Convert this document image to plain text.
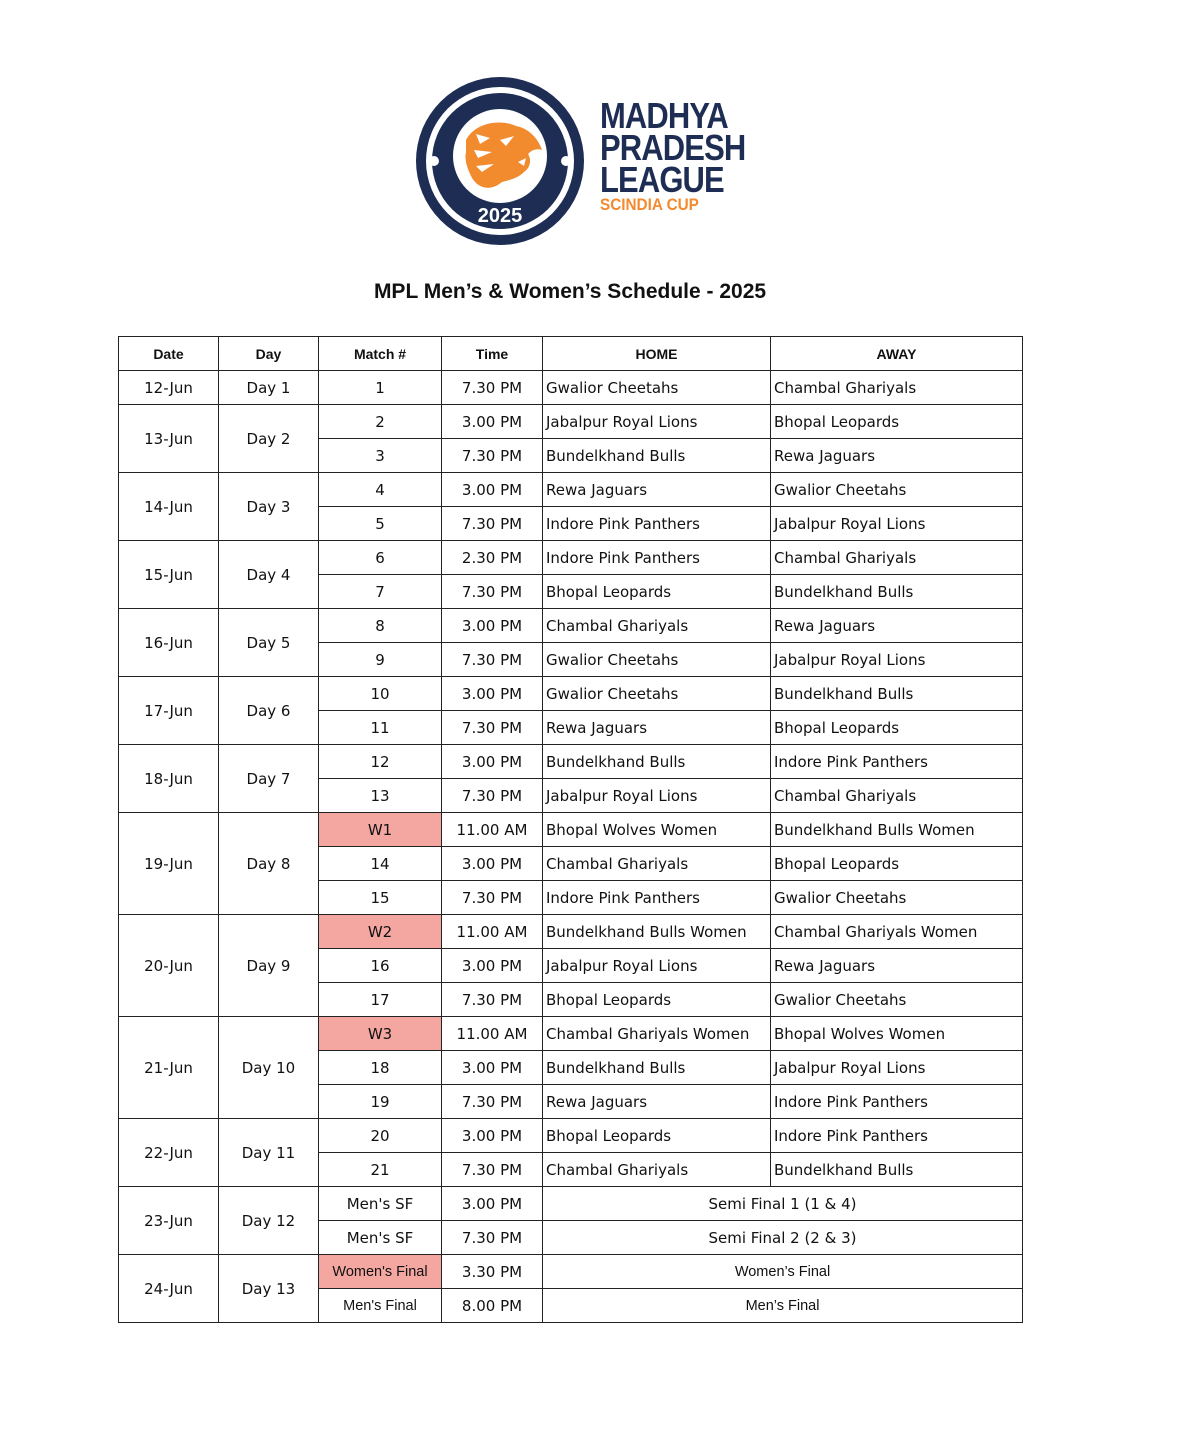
2025
MADHYA
PRADESH
LEAGUE
SCINDIA CUP
MPL Men’s & Women’s Schedule - 2025
Date	Day	Match #	Time	HOME	AWAY
12-Jun	Day 1	1	7.30 PM	Gwalior Cheetahs	Chambal Ghariyals
13-Jun	Day 2	2	3.00 PM	Jabalpur Royal Lions	Bhopal Leopards
		3	7.30 PM	Bundelkhand Bulls	Rewa Jaguars
14-Jun	Day 3	4	3.00 PM	Rewa Jaguars	Gwalior Cheetahs
		5	7.30 PM	Indore Pink Panthers	Jabalpur Royal Lions
15-Jun	Day 4	6	2.30 PM	Indore Pink Panthers	Chambal Ghariyals
		7	7.30 PM	Bhopal Leopards	Bundelkhand Bulls
16-Jun	Day 5	8	3.00 PM	Chambal Ghariyals	Rewa Jaguars
		9	7.30 PM	Gwalior Cheetahs	Jabalpur Royal Lions
17-Jun	Day 6	10	3.00 PM	Gwalior Cheetahs	Bundelkhand Bulls
		11	7.30 PM	Rewa Jaguars	Bhopal Leopards
18-Jun	Day 7	12	3.00 PM	Bundelkhand Bulls	Indore Pink Panthers
		13	7.30 PM	Jabalpur Royal Lions	Chambal Ghariyals
19-Jun	Day 8	W1	11.00 AM	Bhopal Wolves Women	Bundelkhand Bulls Women
		14	3.00 PM	Chambal Ghariyals	Bhopal Leopards
		15	7.30 PM	Indore Pink Panthers	Gwalior Cheetahs
20-Jun	Day 9	W2	11.00 AM	Bundelkhand Bulls Women	Chambal Ghariyals Women
		16	3.00 PM	Jabalpur Royal Lions	Rewa Jaguars
		17	7.30 PM	Bhopal Leopards	Gwalior Cheetahs
21-Jun	Day 10	W3	11.00 AM	Chambal Ghariyals Women	Bhopal Wolves Women
		18	3.00 PM	Bundelkhand Bulls	Jabalpur Royal Lions
		19	7.30 PM	Rewa Jaguars	Indore Pink Panthers
22-Jun	Day 11	20	3.00 PM	Bhopal Leopards	Indore Pink Panthers
		21	7.30 PM	Chambal Ghariyals	Bundelkhand Bulls
23-Jun	Day 12	Men's SF	3.00 PM	Semi Final 1 (1 & 4)	
		Men's SF	7.30 PM	Semi Final 2 (2 & 3)	
24-Jun	Day 13	Women's Final	3.30 PM	Women’s Final	
		Men's Final	8.00 PM	Men’s Final	
